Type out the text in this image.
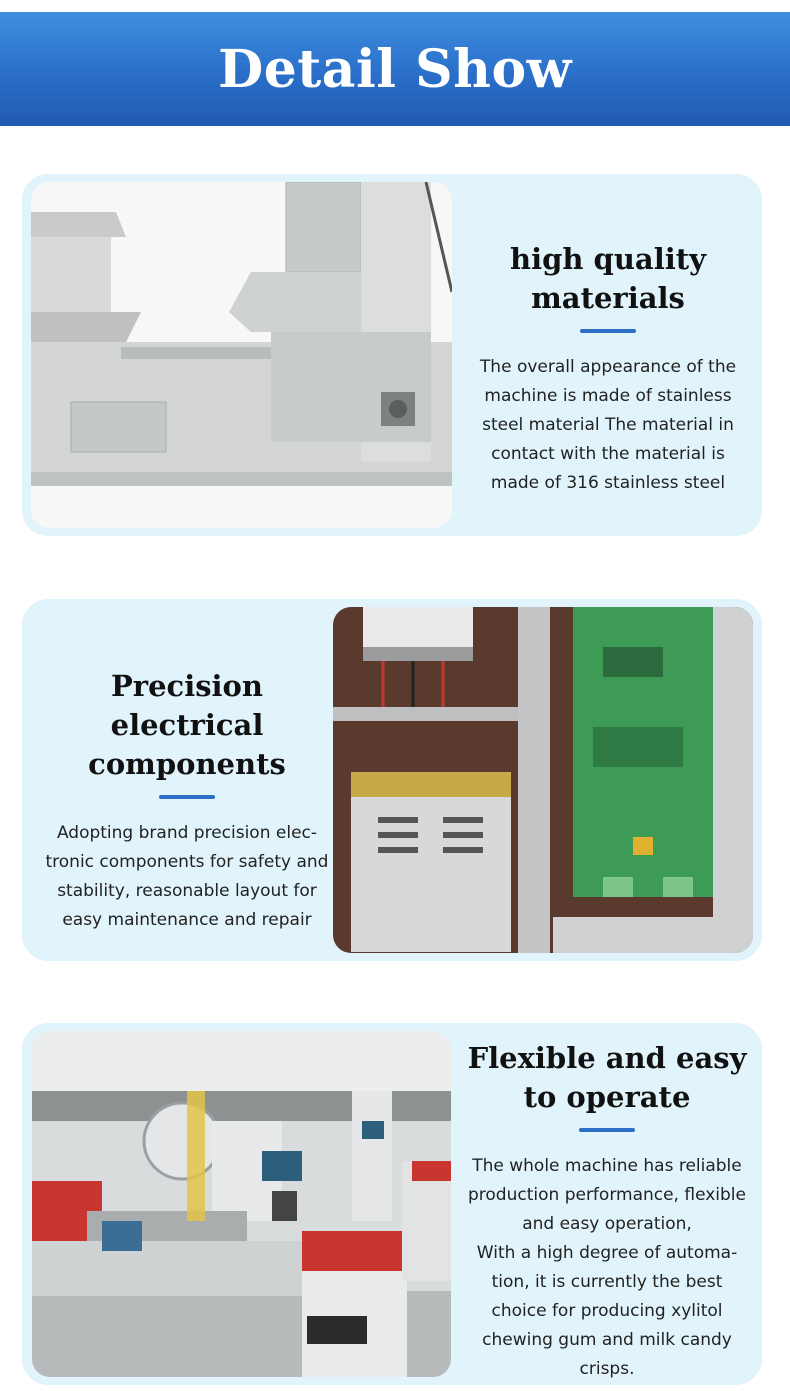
Detail Show
high quality
materials
The overall appearance of the
machine is made of stainless
steel material The material in
contact with the material is
made of 316 stainless steel
Precision electrical
components
Adopting brand precision elec-
tronic components for safety and
stability, reasonable layout for
easy maintenance and repair
Flexible and easy
to operate
The whole machine has reliable
production performance, flexible
and easy operation,
With a high degree of automa-
tion, it is currently the best
choice for producing xylitol
chewing gum and milk candy
crisps.
